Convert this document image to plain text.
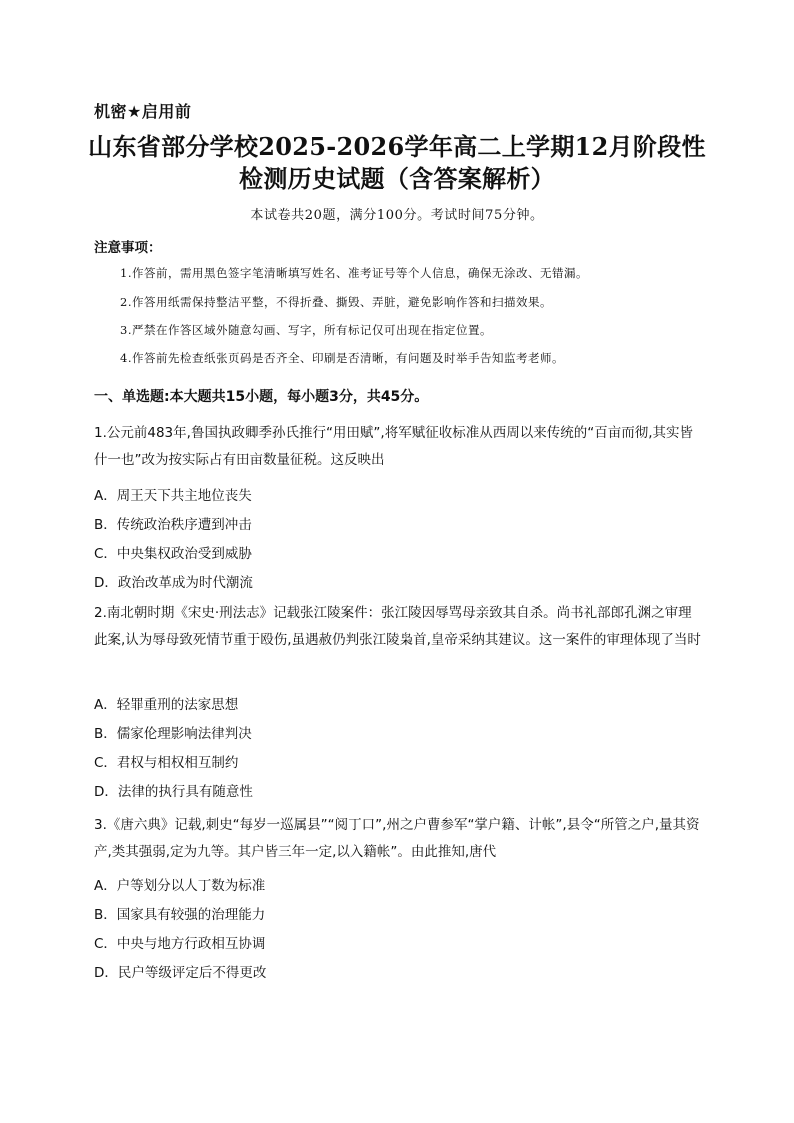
机密★启用前
山东省部分学校2025-2026学年高二上学期12月阶段性
检测历史试题（含答案解析）
本试卷共20题，满分100分。考试时间75分钟。
注意事项：
1.作答前，需用黑色签字笔清晰填写姓名、准考证号等个人信息，确保无涂改、无错漏。
2.作答用纸需保持整洁平整，不得折叠、撕毁、弄脏，避免影响作答和扫描效果。
3.严禁在作答区域外随意勾画、写字，所有标记仅可出现在指定位置。
4.作答前先检查纸张页码是否齐全、印刷是否清晰，有问题及时举手告知监考老师。
一、单选题:本大题共15小题，每小题3分，共45分。
1.公元前483年,鲁国执政卿季孙氏推行“用田赋”,将军赋征收标准从西周以来传统的“百亩而彻,其实皆什一也”改为按实际占有田亩数量征税。这反映出
A．周王天下共主地位丧失
B．传统政治秩序遭到冲击
C．中央集权政治受到威胁
D．政治改革成为时代潮流
2.南北朝时期《宋史·刑法志》记载张江陵案件：张江陵因辱骂母亲致其自杀。尚书礼部郎孔渊之审理此案,认为辱母致死情节重于殴伤,虽遇赦仍判张江陵枭首,皇帝采纳其建议。这一案件的审理体现了当时
A．轻罪重刑的法家思想
B．儒家伦理影响法律判决
C．君权与相权相互制约
D．法律的执行具有随意性
3.《唐六典》记载,刺史“每岁一巡属县”“阅丁口”,州之户曹参军“掌户籍、计帐”,县令“所管之户,量其资产,类其强弱,定为九等。其户皆三年一定,以入籍帐”。由此推知,唐代
A．户等划分以人丁数为标准
B．国家具有较强的治理能力
C．中央与地方行政相互协调
D．民户等级评定后不得更改
